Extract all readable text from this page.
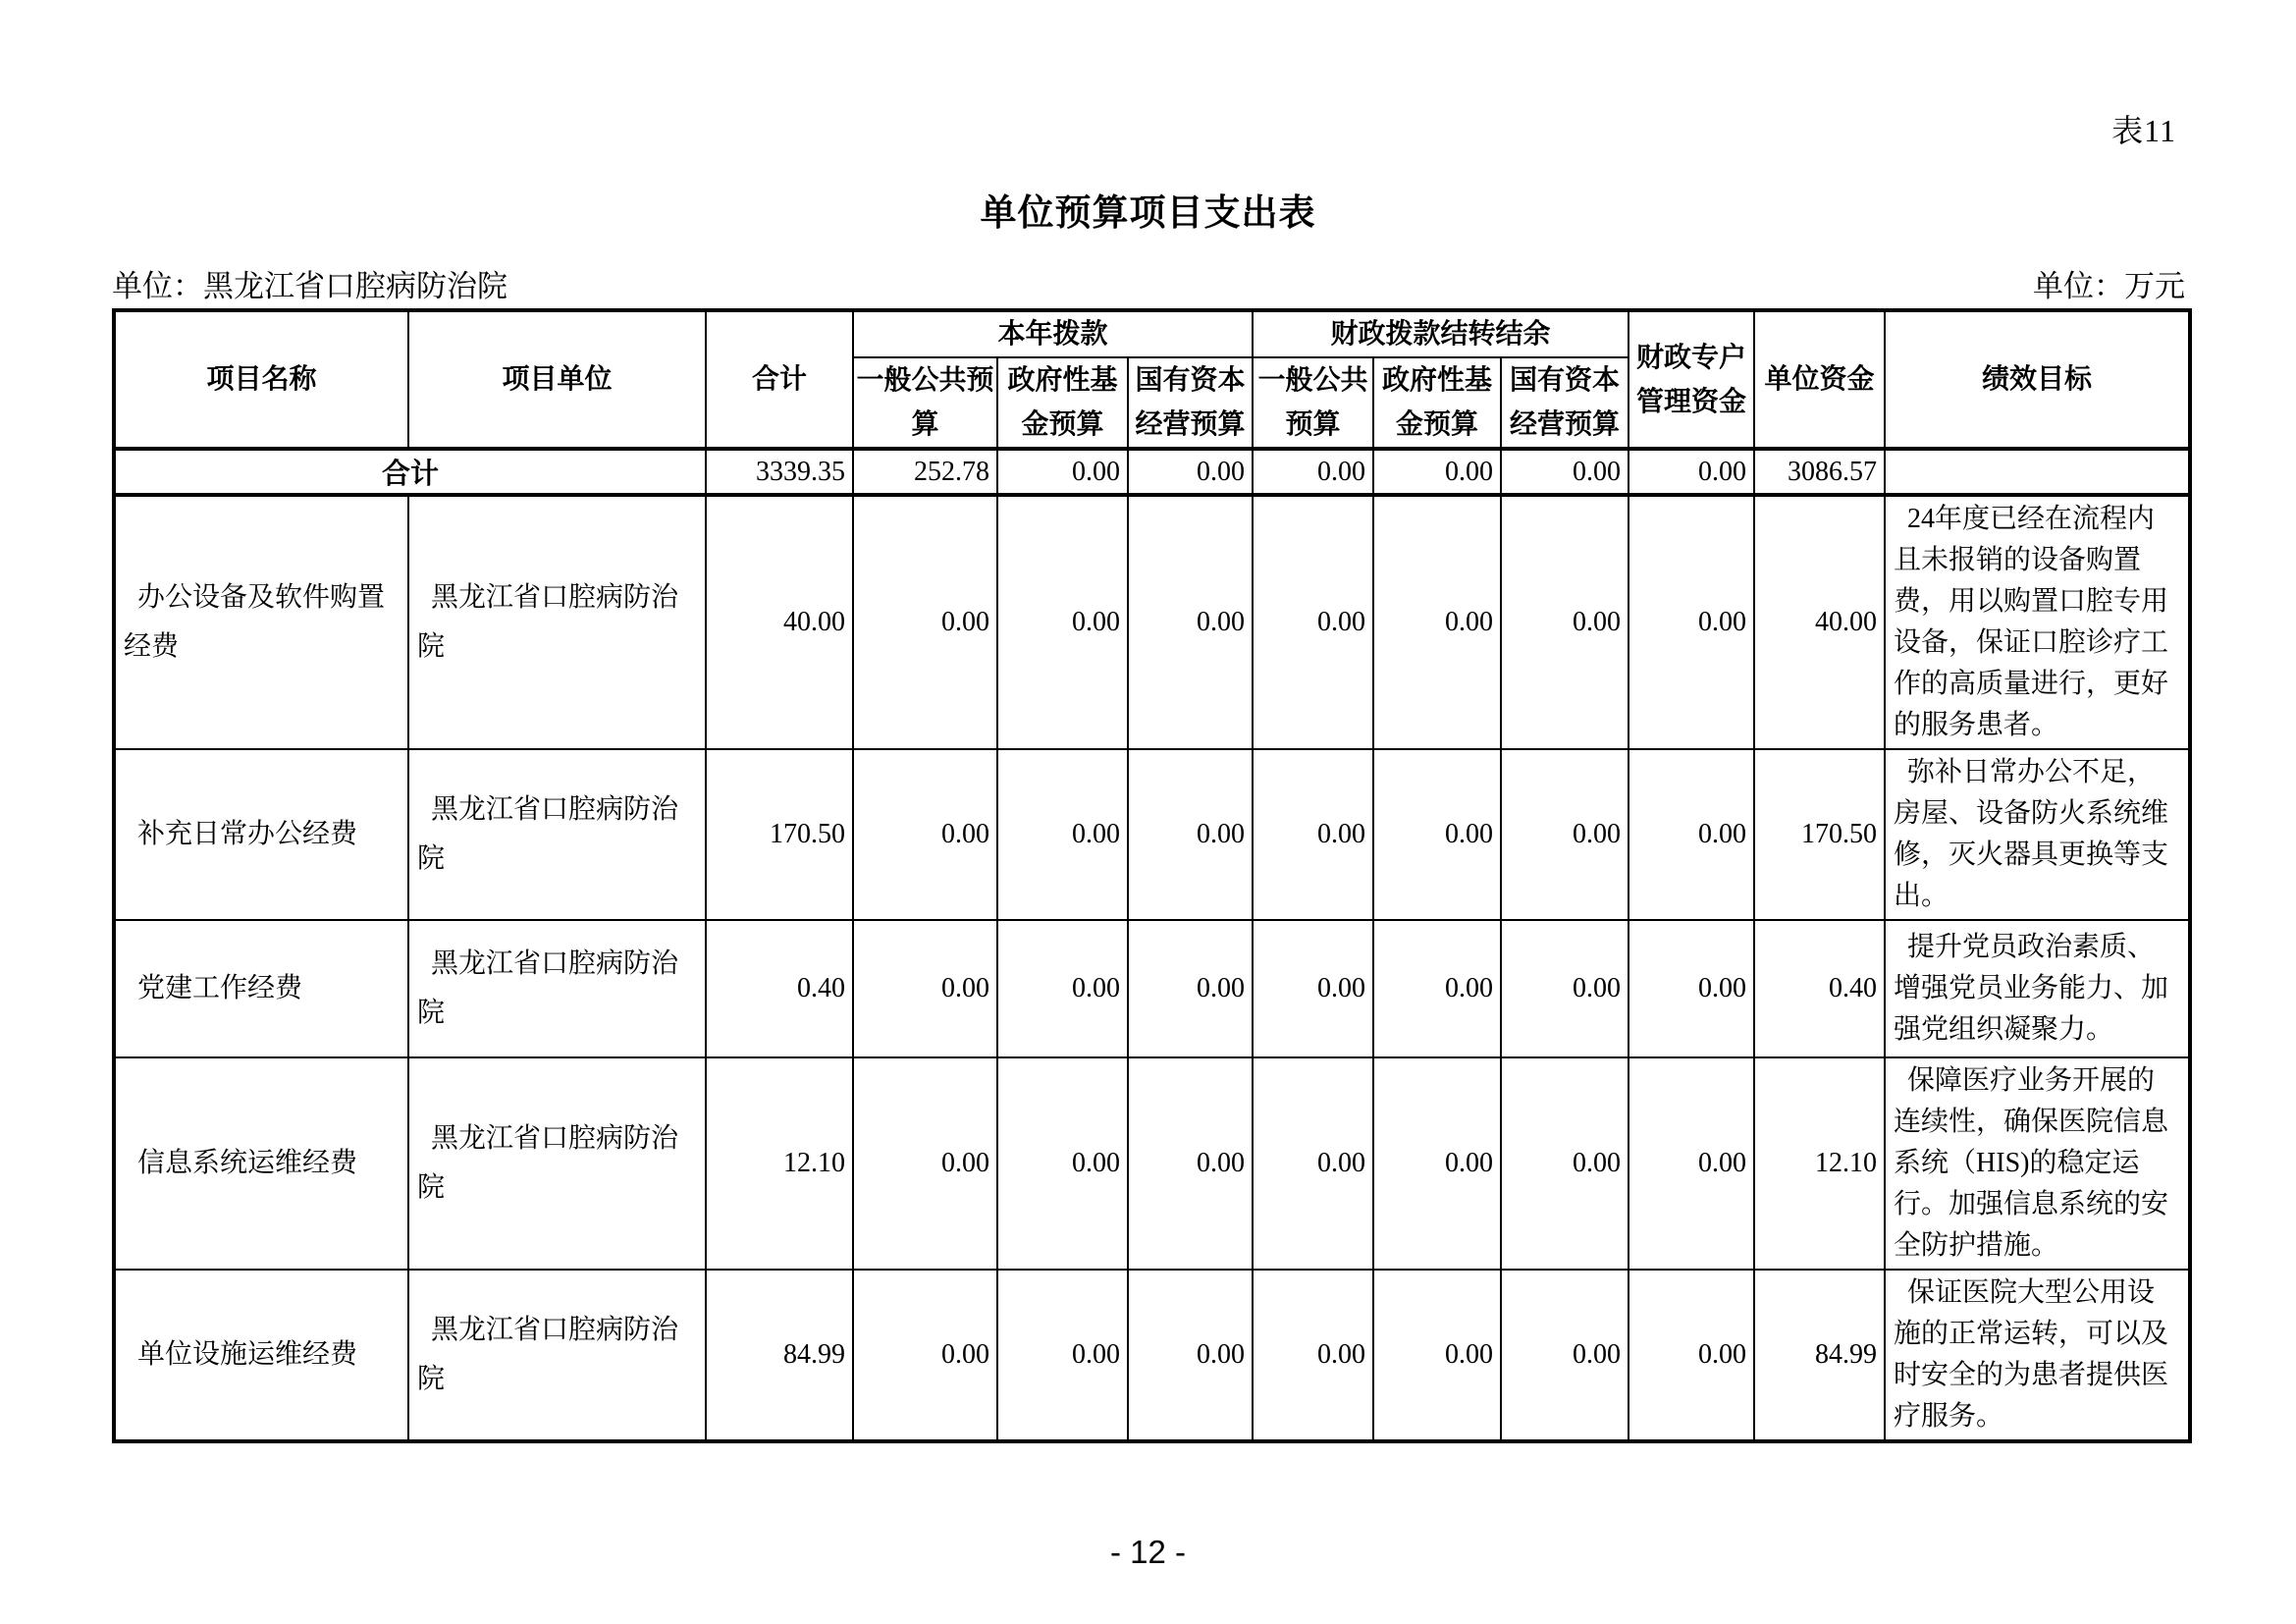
表11
单位预算项目支出表
单位：黑龙江省口腔病防治院	单位：万元
项目名称	项目单位	合计	本年拨款			财政拨款结转结余			财政专户管理资金	单位资金	绩效目标
			一般公共预算	政府性基金预算	国有资本经营预算	一般公共预算	政府性基金预算	国有资本经营预算			
合计		3339.35	252.78	0.00	0.00	0.00	0.00	0.00	0.00	3086.57	
办公设备及软件购置经费	黑龙江省口腔病防治院	40.00	0.00	0.00	0.00	0.00	0.00	0.00	0.00	40.00	24年度已经在流程内且未报销的设备购置费，用以购置口腔专用设备，保证口腔诊疗工作的高质量进行，更好的服务患者。
补充日常办公经费	黑龙江省口腔病防治院	170.50	0.00	0.00	0.00	0.00	0.00	0.00	0.00	170.50	弥补日常办公不足，房屋、设备防火系统维修，灭火器具更换等支出。
党建工作经费	黑龙江省口腔病防治院	0.40	0.00	0.00	0.00	0.00	0.00	0.00	0.00	0.40	提升党员政治素质、增强党员业务能力、加强党组织凝聚力。
信息系统运维经费	黑龙江省口腔病防治院	12.10	0.00	0.00	0.00	0.00	0.00	0.00	0.00	12.10	保障医疗业务开展的连续性，确保医院信息系统（HIS)的稳定运行。加强信息系统的安全防护措施。
单位设施运维经费	黑龙江省口腔病防治院	84.99	0.00	0.00	0.00	0.00	0.00	0.00	0.00	84.99	保证医院大型公用设施的正常运转，可以及时安全的为患者提供医疗服务。
- 12 -
